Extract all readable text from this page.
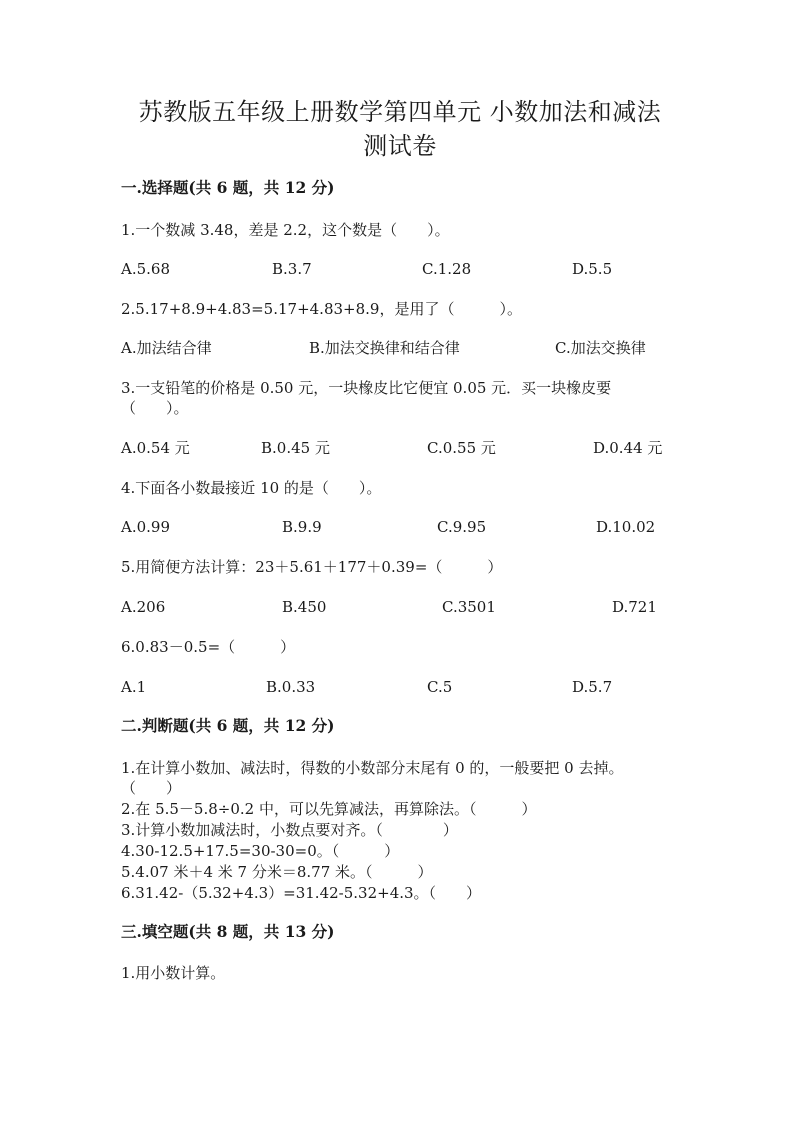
苏教版五年级上册数学第四单元 小数加法和减法
测试卷
一.选择题(共 6 题，共 12 分)
1.一个数减 3.48，差是 2.2，这个数是（　　）。
A.5.68	B.3.7	C.1.28	D.5.5
2.5.17+8.9+4.83=5.17+4.83+8.9，是用了（　　　）。
A.加法结合律	B.加法交换律和结合律	C.加法交换律
3.一支铅笔的价格是 0.50 元，一块橡皮比它便宜 0.05 元．买一块橡皮要
（　　）。
A.0.54 元	B.0.45 元	C.0.55 元	D.0.44 元
4.下面各小数最接近 10 的是（　　）。
A.0.99	B.9.9	C.9.95	D.10.02
5.用简便方法计算：23＋5.61＋177＋0.39=（　　　）
A.206	B.450	C.3501	D.721
6.0.83－0.5=（　　　）
A.1	B.0.33	C.5	D.5.7
二.判断题(共 6 题，共 12 分)
1.在计算小数加、减法时，得数的小数部分末尾有 0 的，一般要把 0 去掉。
（　　）
2.在 5.5－5.8÷0.2 中，可以先算减法，再算除法。（　　　）
3.计算小数加减法时，小数点要对齐。（　　　　）
4.30-12.5+17.5=30-30=0。（　　　）
5.4.07 米＋4 米 7 分米＝8.77 米。（　　　）
6.31.42-（5.32+4.3）=31.42-5.32+4.3。（　　）
三.填空题(共 8 题，共 13 分)
1.用小数计算。
